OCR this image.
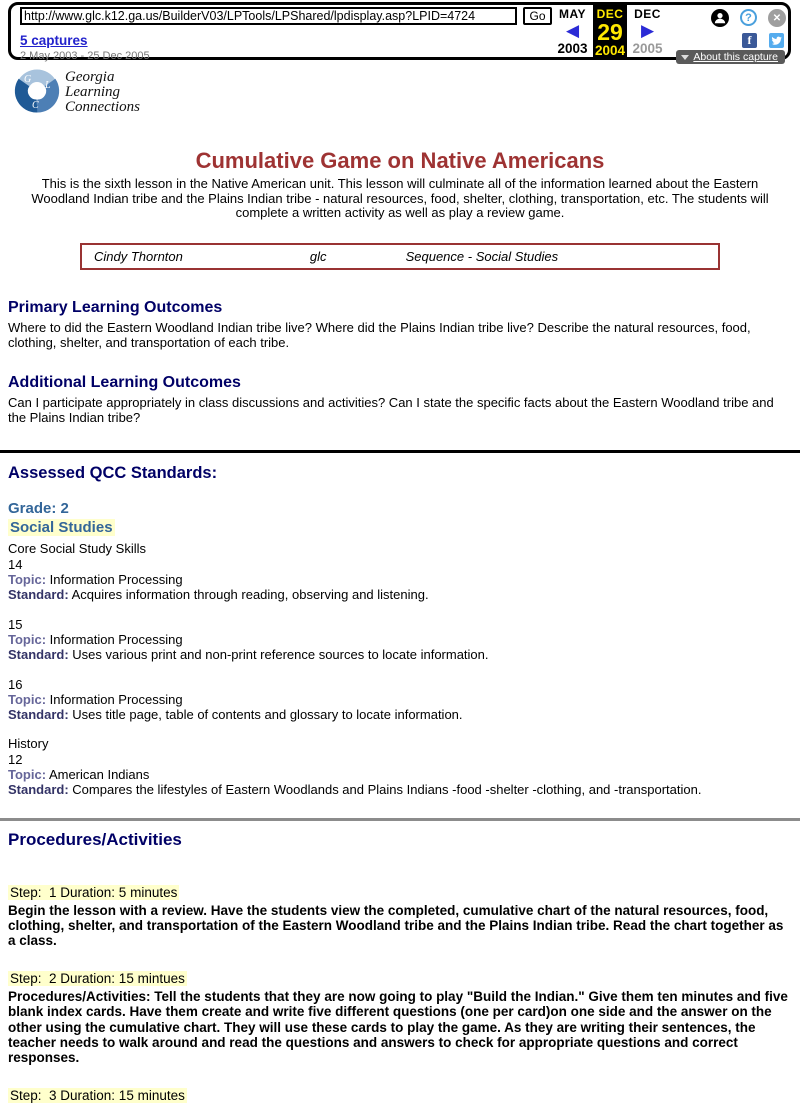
http://www.glc.k12.ga.us/BuilderV03/LPTools/LPShared/lpdisplay.asp?LPID=4724
Go
5 captures
2 May 2003 - 25 Dec 2005
MAY
◀
2003
DEC
29
2004
DEC
▶
2005
?	✕
f
About this capture
G
L
C
Georgia
Learning
Connections
Cumulative Game on Native Americans

This is the sixth lesson in the Native American unit. This lesson will culminate all of the information learned about the Eastern Woodland Indian tribe and the Plains Indian tribe - natural resources, food, shelter, clothing, transportation, etc. The students will complete a written activity as well as play a review game.

Cindy Thornton	glc	Sequence - Social Studies
Primary Learning Outcomes

Where to did the Eastern Woodland Indian tribe live? Where did the Plains Indian tribe live? Describe the natural resources, food, clothing, shelter, and transportation of each tribe.

Additional Learning Outcomes

Can I participate appropriately in class discussions and activities? Can I state the specific facts about the Eastern Woodland tribe and the Plains Indian tribe?

Assessed QCC Standards:
Grade: 2
Social Studies
Core Social Study Skills
14
Topic: Information Processing
Standard: Acquires information through reading, observing and listening.
15
Topic: Information Processing
Standard: Uses various print and non-print reference sources to locate information.
16
Topic: Information Processing
Standard: Uses title page, table of contents and glossary to locate information.
History
12
Topic: American Indians
Standard: Compares the lifestyles of Eastern Woodlands and Plains Indians -food -shelter -clothing, and -transportation.
Procedures/Activities
Step:  1 Duration: 5 minutes
Begin the lesson with a review. Have the students view the completed, cumulative chart of the natural resources, food, clothing, shelter, and transportation of the Eastern Woodland tribe and the Plains Indian tribe. Read the chart together as a class.
Step:  2 Duration: 15 mintues
Procedures/Activities: Tell the students that they are now going to play "Build the Indian." Give them ten minutes and five blank index cards. Have them create and write five different questions (one per card)on one side and the answer on the other using the cumulative chart. They will use these cards to play the game. As they are writing their sentences, the teacher needs to walk around and read the questions and answers to check for appropriate questions and correct responses.
Step:  3 Duration: 15 minutes
